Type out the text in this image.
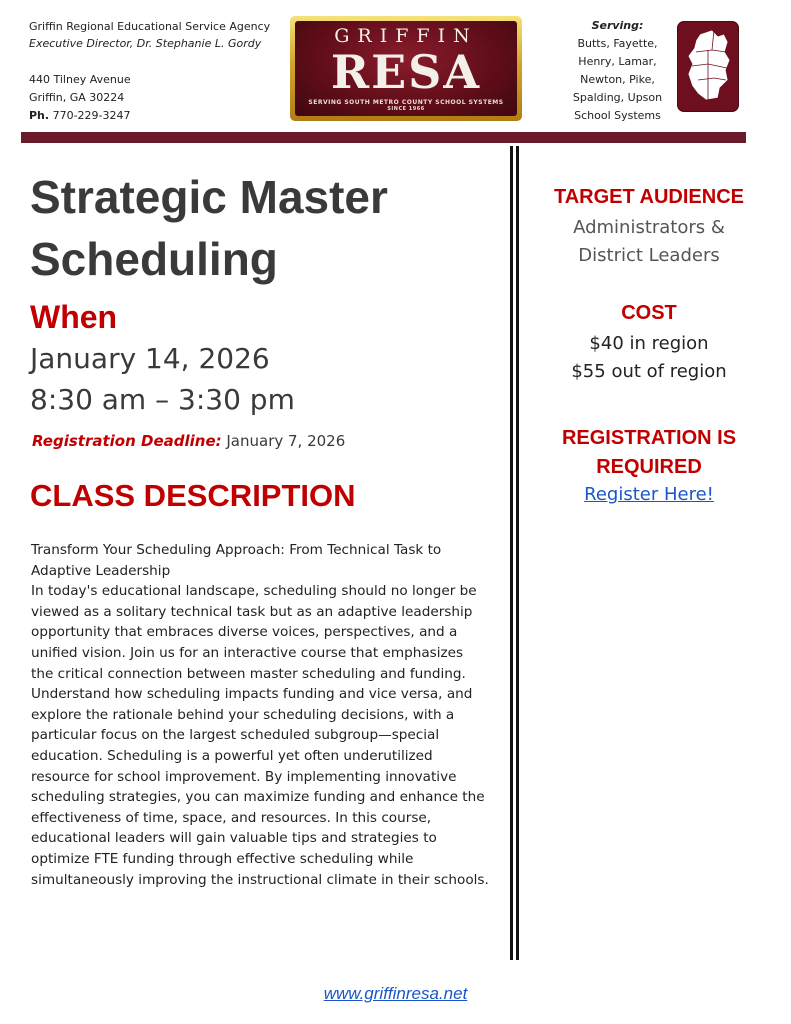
Griffin Regional Educational Service Agency
Executive Director, Dr. Stephanie L. Gordy
440 Tilney Avenue
Griffin, GA 30224
Ph. 770-229-3247
GRIFFIN
RESA
SERVING SOUTH METRO COUNTY SCHOOL SYSTEMS
SINCE 1966
Serving:
Butts, Fayette,
Henry, Lamar,
Newton, Pike,
Spalding, Upson
School Systems
Strategic Master Scheduling
When
January 14, 2026
8:30 am – 3:30 pm
Registration Deadline: January 7, 2026
CLASS DESCRIPTION
Transform Your Scheduling Approach: From Technical Task to Adaptive Leadership
In today's educational landscape, scheduling should no longer be viewed as a solitary technical task but as an adaptive leadership opportunity that embraces diverse voices, perspectives, and a unified vision. Join us for an interactive course that emphasizes the critical connection between master scheduling and funding. Understand how scheduling impacts funding and vice versa, and explore the rationale behind your scheduling decisions, with a particular focus on the largest scheduled subgroup—special education. Scheduling is a powerful yet often underutilized resource for school improvement. By implementing innovative scheduling strategies, you can maximize funding and enhance the effectiveness of time, space, and resources. In this course, educational leaders will gain valuable tips and strategies to optimize FTE funding through effective scheduling while simultaneously improving the instructional climate in their schools.
TARGET AUDIENCE
Administrators &
District Leaders
COST
$40 in region
$55 out of region
REGISTRATION IS
REQUIRED
Register Here!
www.griffinresa.net
